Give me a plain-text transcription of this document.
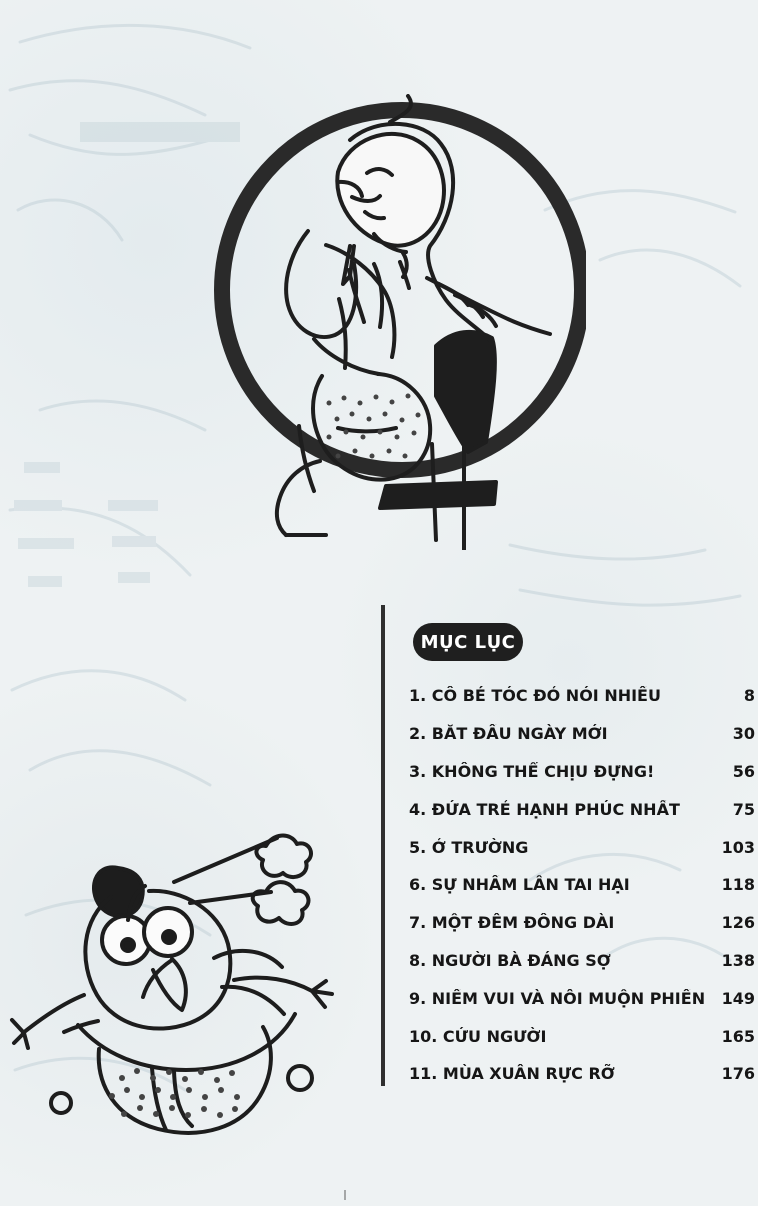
MỤC LỤC
1. CÔ BÉ TÓC ĐỎ NÓI NHIỀU	8
2. BẮT ĐẦU NGÀY MỚI	30
3. KHÔNG THỂ CHỊU ĐỰNG!	56
4. ĐỨA TRẺ HẠNH PHÚC NHẤT	75
5. Ở TRƯỜNG	103
6. SỰ NHẦM LẪN TAI HẠI	118
7. MỘT ĐÊM ĐÔNG DÀI	126
8. NGƯỜI BÀ ĐÁNG SỢ	138
9. NIỀM VUI VÀ NỖI MUỘN PHIỀN	149
10. CỨU NGƯỜI	165
11. MÙA XUÂN RỰC RỠ	176
